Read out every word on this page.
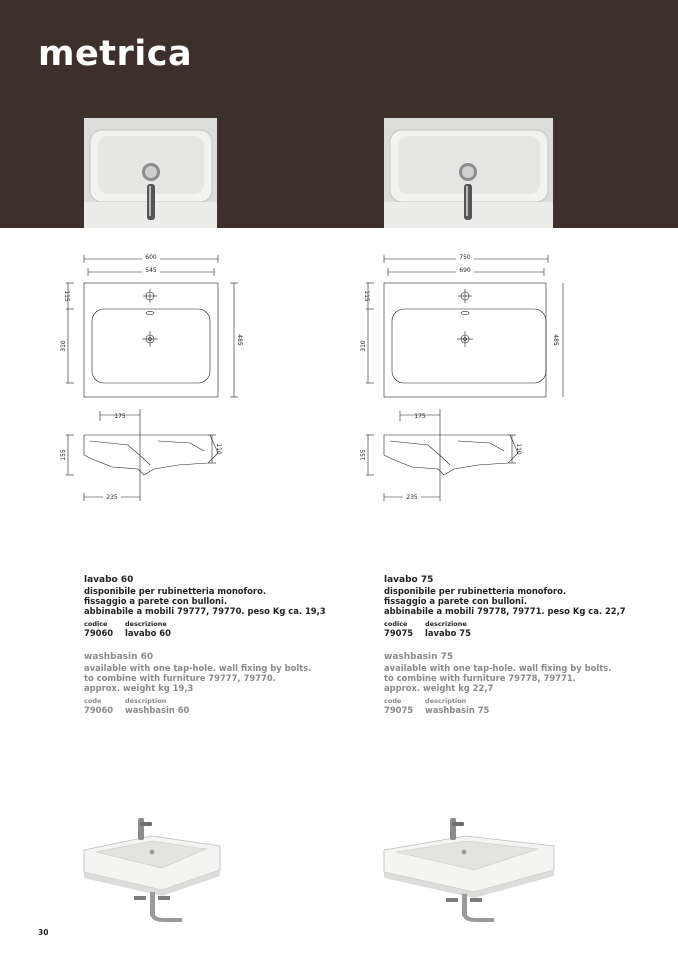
metrica
600
545
115
310
485
175
155
110
235
750
690
115
310
485
175
155
110
235
lavabo 60
disponibile per rubinetteria monoforo.
fissaggio a parete con bulloni.
abbinabile a mobili 79777, 79770. peso Kg ca. 19,3
codice
79060
descrizione
lavabo 60
washbasin 60
available with one tap-hole. wall fixing by bolts.
to combine with furniture 79777, 79770.
approx. weight kg 19,3
code
79060
description
washbasin 60
lavabo 75
disponibile per rubinetteria monoforo.
fissaggio a parete con bulloni.
abbinabile a mobili 79778, 79771. peso Kg ca. 22,7
codice
79075
descrizione
lavabo 75
washbasin 75
available with one tap-hole. wall fixing by bolts.
to combine with furniture 79778, 79771.
approx. weight kg 22,7
code
79075
description
washbasin 75
30
